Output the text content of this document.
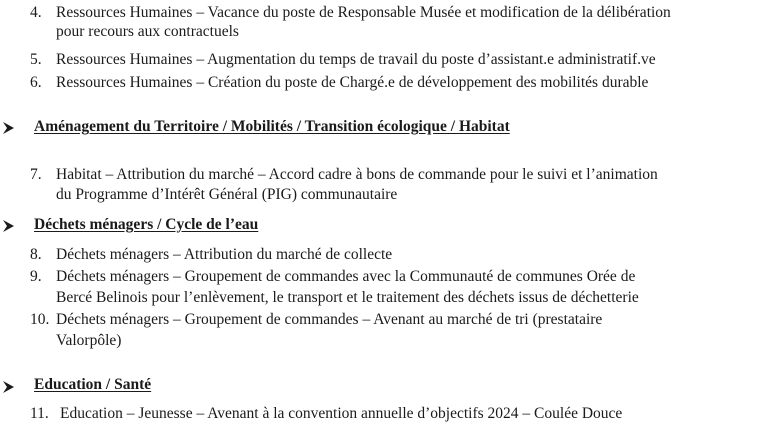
4. Ressources Humaines – Vacance du poste de Responsable Musée et modification de la délibération
pour recours aux contractuels
5. Ressources Humaines – Augmentation du temps de travail du poste d’assistant.e administratif.ve
6. Ressources Humaines – Création du poste de Chargé.e de développement des mobilités durable
Aménagement du Territoire / Mobilités / Transition écologique / Habitat
7. Habitat – Attribution du marché – Accord cadre à bons de commande pour le suivi et l’animation
du Programme d’Intérêt Général (PIG) communautaire
Déchets ménagers / Cycle de l’eau
8. Déchets ménagers – Attribution du marché de collecte
9. Déchets ménagers – Groupement de commandes avec la Communauté de communes Orée de
Bercé Belinois pour l’enlèvement, le transport et le traitement des déchets issus de déchetterie
10. Déchets ménagers – Groupement de commandes – Avenant au marché de tri (prestataire
Valorpôle)
Education / Santé
11. Education – Jeunesse – Avenant à la convention annuelle d’objectifs 2024 – Coulée Douce
